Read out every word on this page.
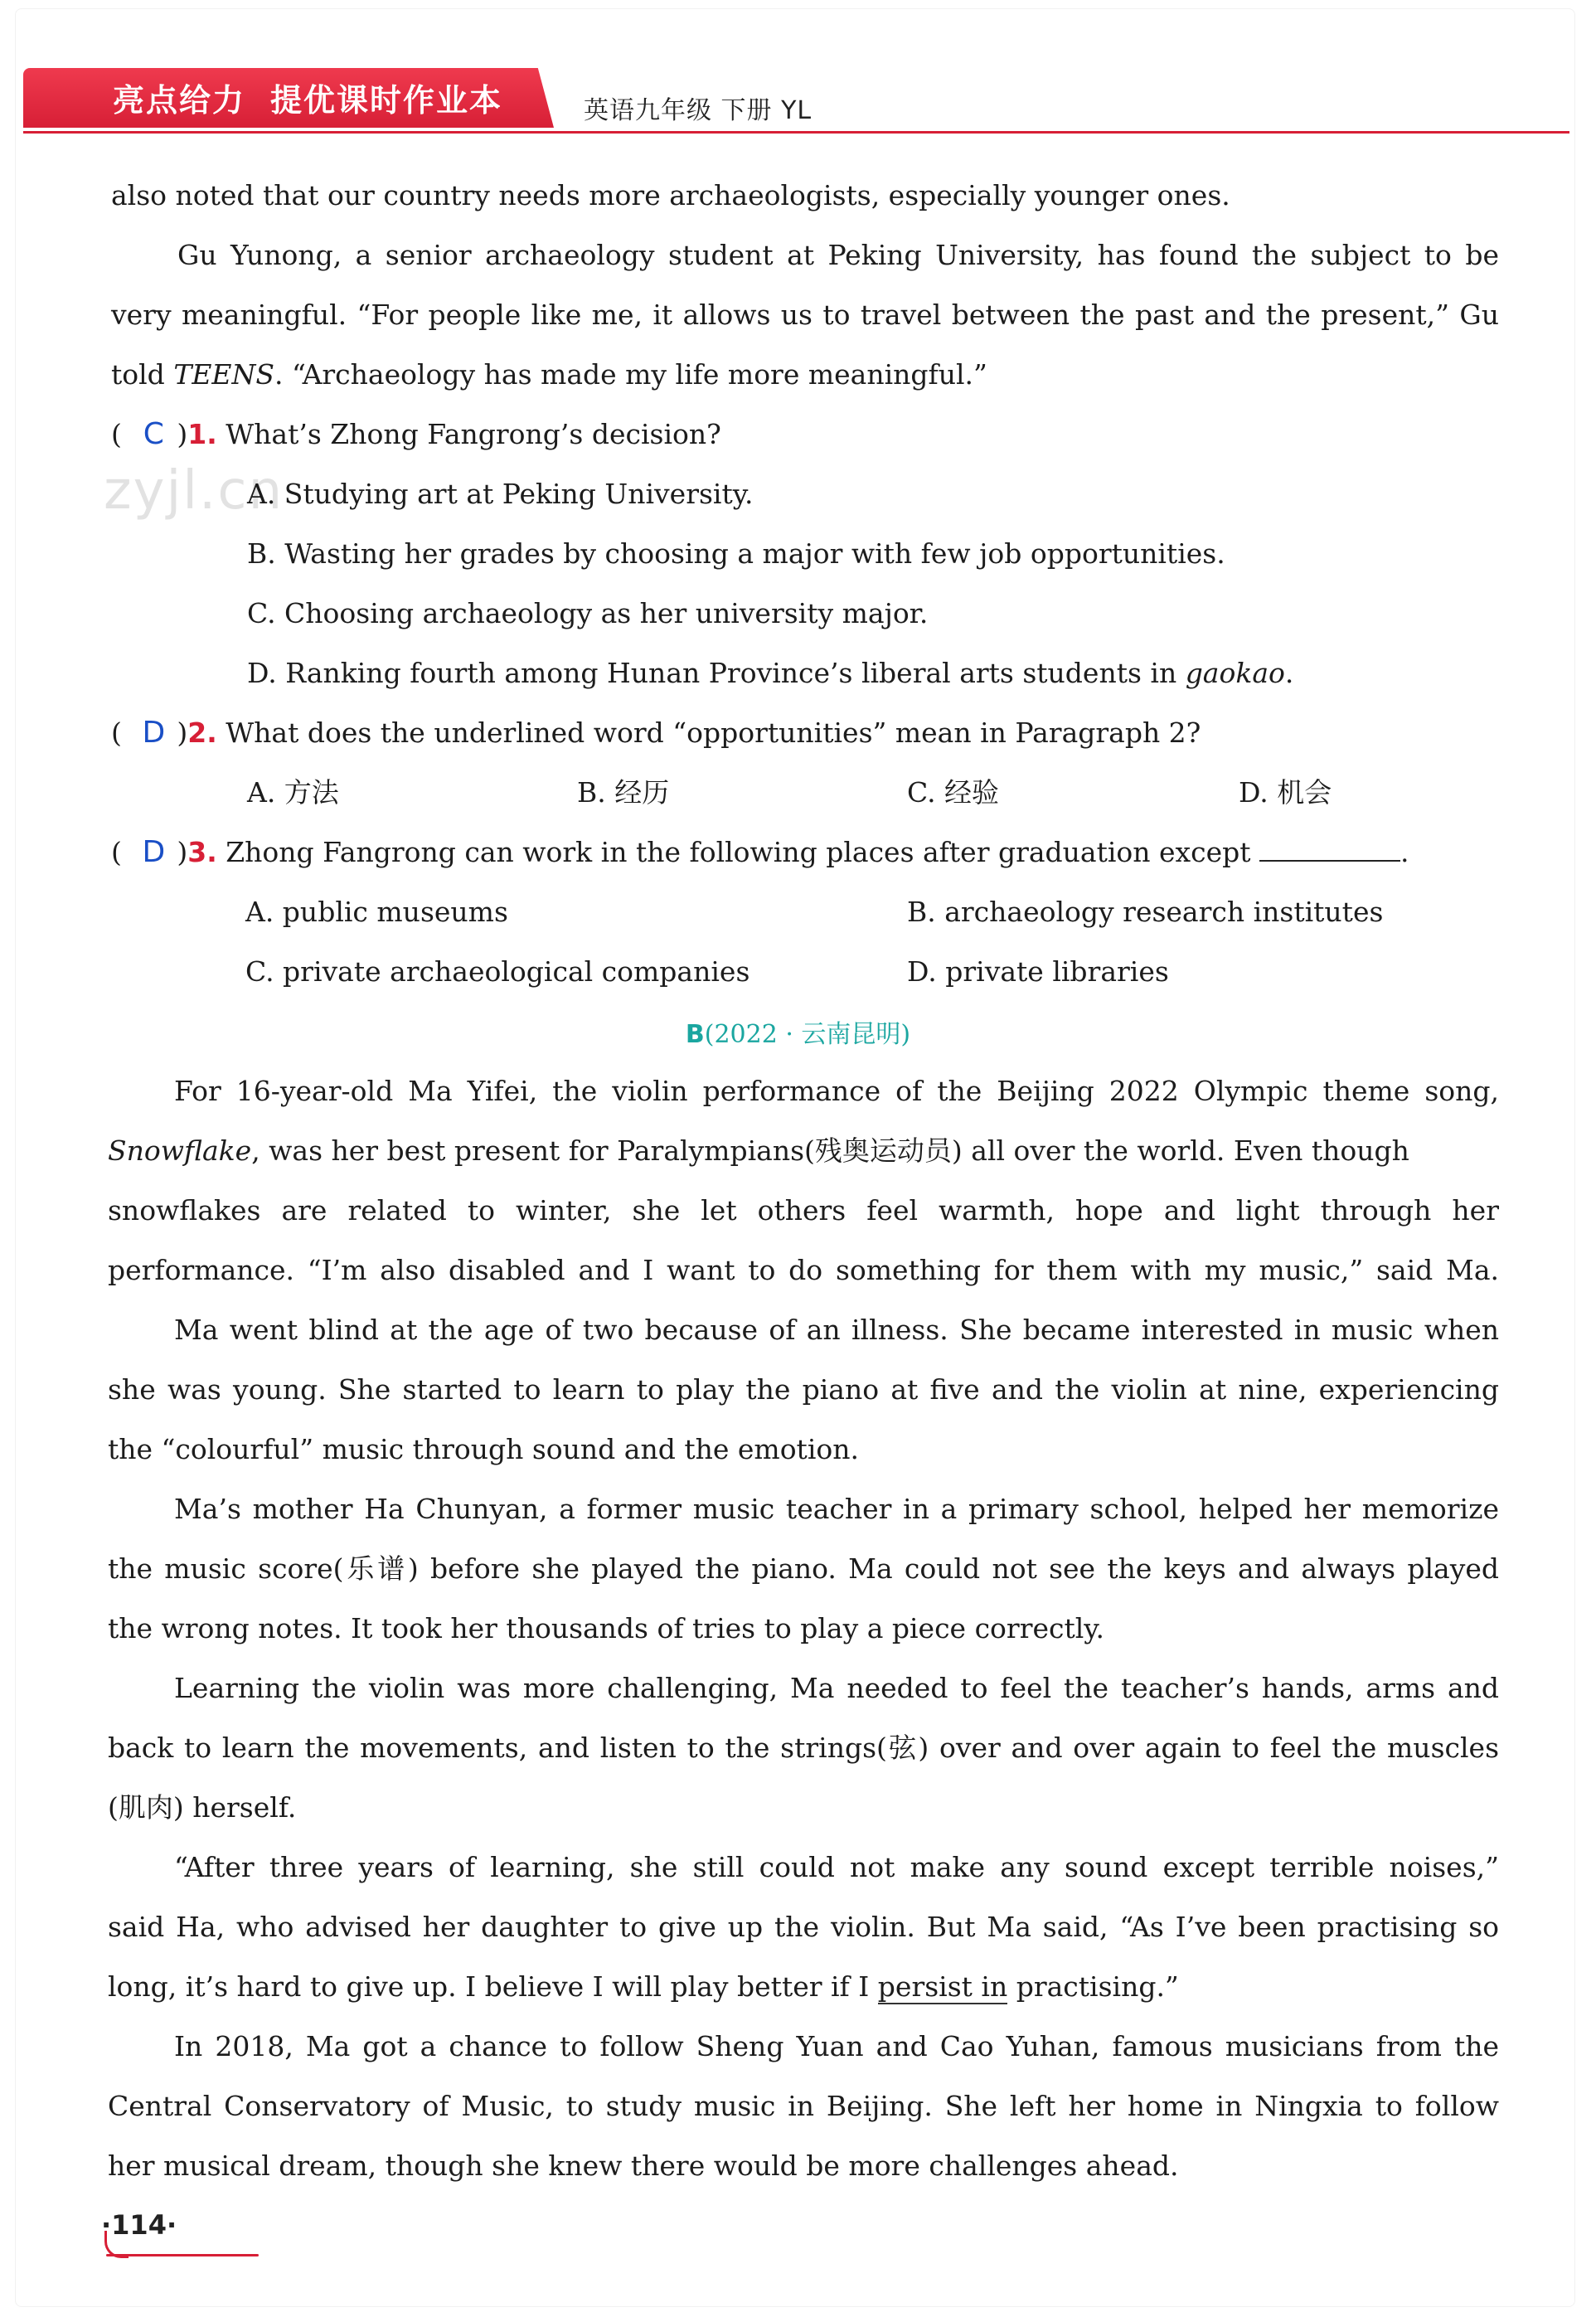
亮点给力 提优课时作业本	英语九年级 下册 YL
zyjl.cn
also noted that our country needs more archaeologists, especially younger ones.
Gu Yunong, a senior archaeology student at Peking University, has found the subject to be
very meaningful. “For people like me, it allows us to travel between the past and the present,” Gu
told TEENS. “Archaeology has made my life more meaningful.”
( C )1. What’s Zhong Fangrong’s decision?
A. Studying art at Peking University.
B. Wasting her grades by choosing a major with few job opportunities.
C. Choosing archaeology as her university major.
D. Ranking fourth among Hunan Province’s liberal arts students in gaokao.
( D )2. What does the underlined word “opportunities” mean in Paragraph 2?
A. 方法	B. 经历	C. 经验	D. 机会
( D )3. Zhong Fangrong can work in the following places after graduation except	.
A. public museums	B. archaeology research institutes
C. private archaeological companies	D. private libraries
B(2022 · 云南昆明)
For 16-year-old Ma Yifei, the violin performance of the Beijing 2022 Olympic theme song,
Snowflake, was her best present for Paralympians(残奥运动员) all over the world. Even though
snowflakes are related to winter, she let others feel warmth, hope and light through her
performance. “I’m also disabled and I want to do something for them with my music,” said Ma.
Ma went blind at the age of two because of an illness. She became interested in music when
she was young. She started to learn to play the piano at five and the violin at nine, experiencing
the “colourful” music through sound and the emotion.
Ma’s mother Ha Chunyan, a former music teacher in a primary school, helped her memorize
the music score(乐谱) before she played the piano. Ma could not see the keys and always played
the wrong notes. It took her thousands of tries to play a piece correctly.
Learning the violin was more challenging, Ma needed to feel the teacher’s hands, arms and
back to learn the movements, and listen to the strings(弦) over and over again to feel the muscles
(肌肉) herself.
“After three years of learning, she still could not make any sound except terrible noises,”
said Ha, who advised her daughter to give up the violin. But Ma said, “As I’ve been practising so
long, it’s hard to give up. I believe I will play better if I persist in practising.”
In 2018, Ma got a chance to follow Sheng Yuan and Cao Yuhan, famous musicians from the
Central Conservatory of Music, to study music in Beijing. She left her home in Ningxia to follow
her musical dream, though she knew there would be more challenges ahead.
·114·
